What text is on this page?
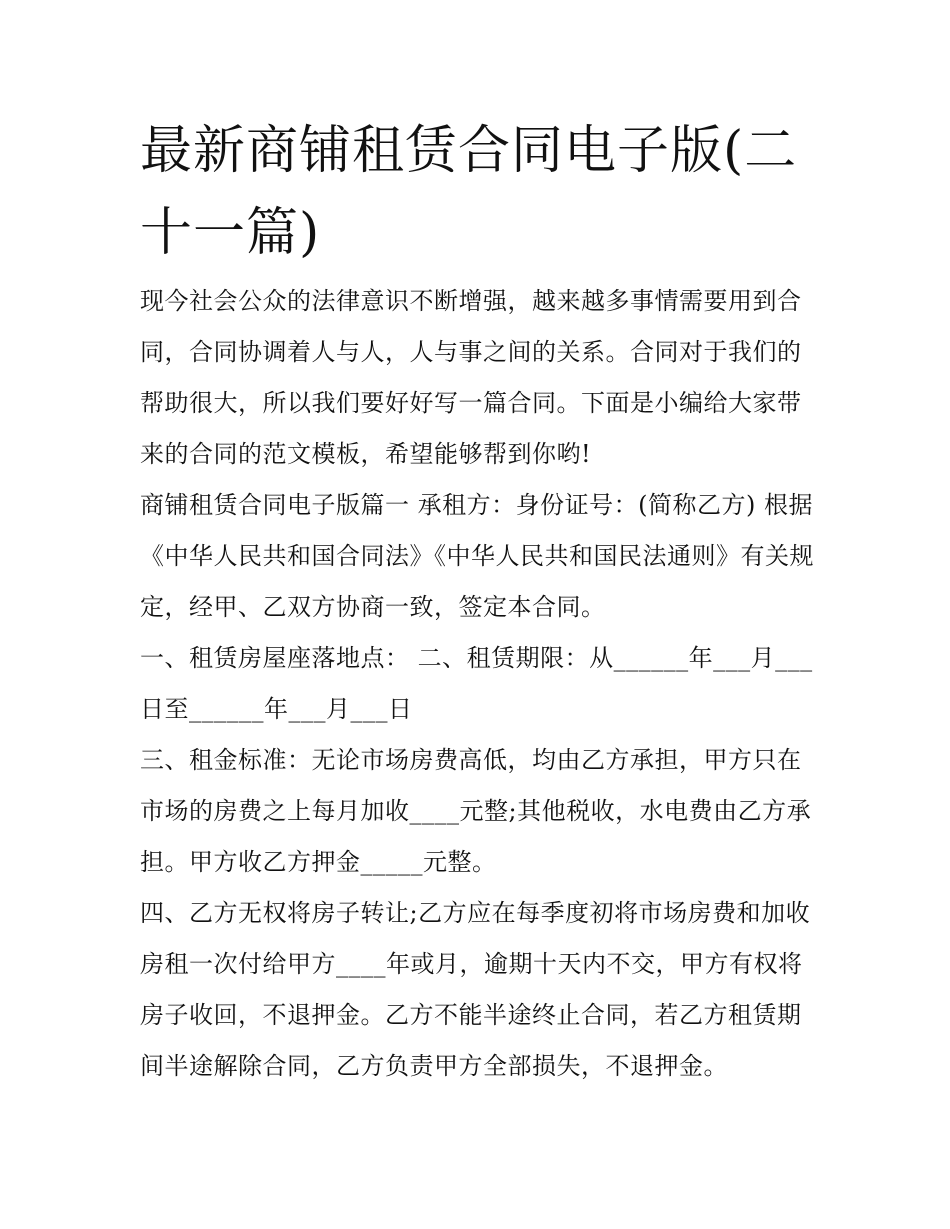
最新商铺租赁合同电子版(二十一篇)

现今社会公众的法律意识不断增强，越来越多事情需要用到合同，合同协调着人与人，人与事之间的关系。合同对于我们的帮助很大，所以我们要好好写一篇合同。下面是小编给大家带来的合同的范文模板，希望能够帮到你哟!

商铺租赁合同电子版篇一 承租方：身份证号：(简称乙方) 根据《中华人民共和国合同法》《中华人民共和国民法通则》有关规定，经甲、乙双方协商一致，签定本合同。

一、租赁房屋座落地点： 二、租赁期限：从______年___月___日至______年___月___日

三、租金标准：无论市场房费高低，均由乙方承担，甲方只在市场的房费之上每月加收____元整;其他税收，水电费由乙方承担。甲方收乙方押金_____元整。

四、乙方无权将房子转让;乙方应在每季度初将市场房费和加收房租一次付给甲方____年或月，逾期十天内不交，甲方有权将房子收回，不退押金。乙方不能半途终止合同，若乙方租赁期间半途解除合同，乙方负责甲方全部损失，不退押金。
